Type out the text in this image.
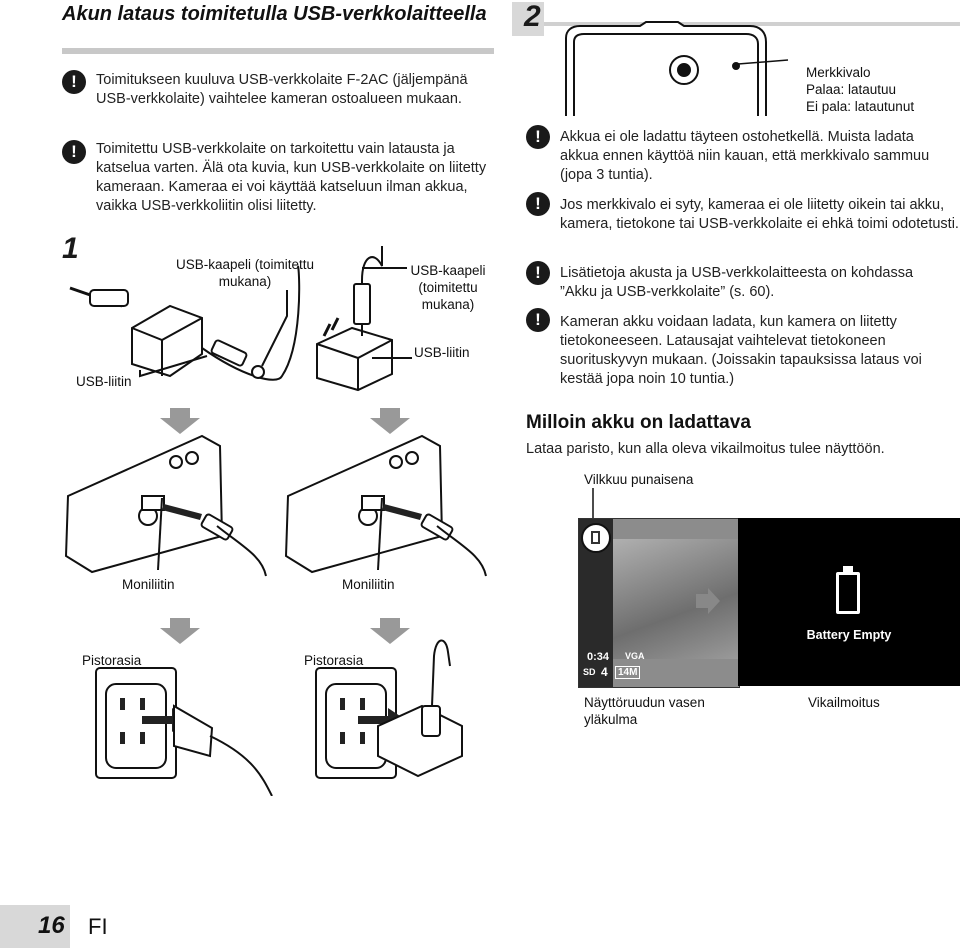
Akun lataus toimitetulla USB-verkkolaitteella
!	Toimitukseen kuuluva USB-verkkolaite F-2AC (jäljempänä USB-verkkolaite) vaihtelee kameran ostoalueen mukaan.
!	Toimitettu USB-verkkolaite on tarkoitettu vain latausta ja katselua varten. Älä ota kuvia, kun USB-verkkolaite on liitetty kameraan. Kameraa ei voi käyttää katseluun ilman akkua, vaikka USB-verkkoliitin olisi liitetty.
1	USB-kaapeli (toimitettu mukana)
USB-kaapeli (toimitettu mukana)
USB-liitin
USB-liitin
Moniliitin	Moniliitin
Pistorasia	Pistorasia
2
Merkkivalo
Palaa: latautuu
Ei pala: latautunut
!	Akkua ei ole ladattu täyteen ostohetkellä. Muista ladata akkua ennen käyttöä niin kauan, että merkkivalo sammuu (jopa 3 tuntia).
!	Jos merkkivalo ei syty, kameraa ei ole liitetty oikein tai akku, kamera, tietokone tai USB-verkkolaite ei ehkä toimi odotetusti.
!	Lisätietoja akusta ja USB-verkkolaitteesta on kohdassa ”Akku ja USB-verkkolaite” (s. 60).
!	Kameran akku voidaan ladata, kun kamera on liitetty tietokoneeseen. Latausajat vaihtelevat tietokoneen suorituskyvyn mukaan. (Joissakin tapauksissa lataus voi kestää jopa noin 10 tuntia.)
Milloin akku on ladattava
Lataa paristo, kun alla oleva vikailmoitus tulee näyttöön.
Vilkkuu punaisena
0:34 VGA
SD 4	14M
Battery Empty
Näyttöruudun vasen yläkulma
Vikailmoitus
16 FI
